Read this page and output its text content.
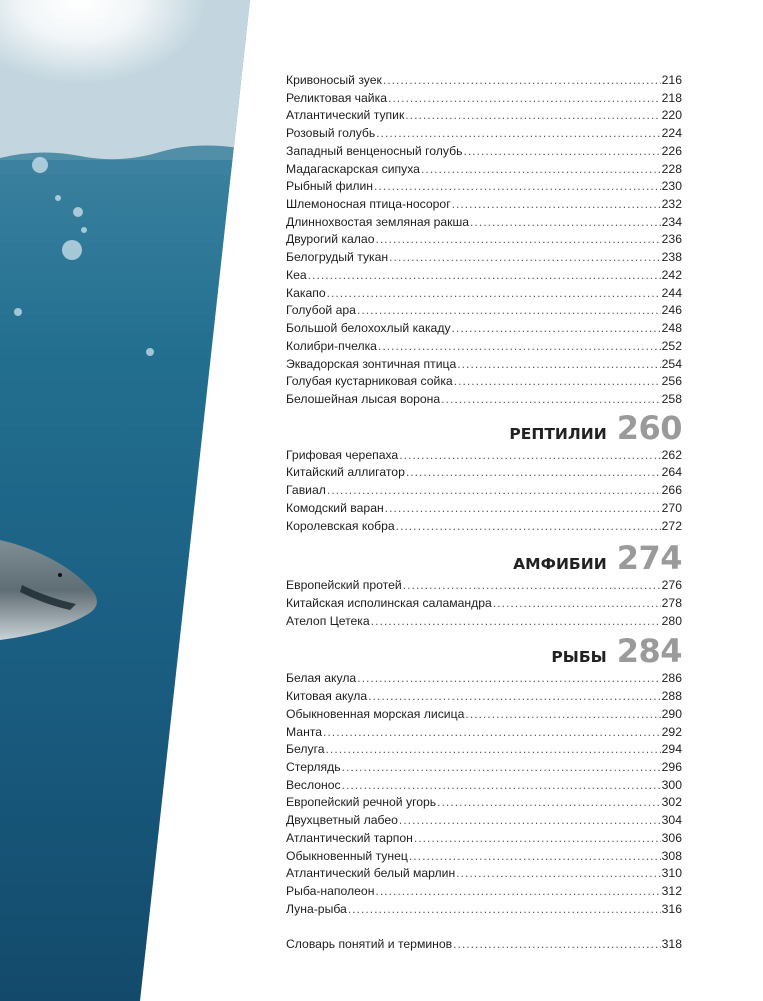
Кривоносый зуек .....	216
Реликтовая чайка .....	218
Атлантический тупик .....	220
Розовый голубь .....	224
Западный венценосный голубь .....	226
Мадагаскарская сипуха .....	228
Рыбный филин .....	230
Шлемоносная птица-носорог .....	232
Длиннохвостая земляная ракша .....	234
Двурогий калао .....	236
Белогрудый тукан .....	238
Кеа .....	242
Какапо .....	244
Голубой ара .....	246
Большой белохохлый какаду .....	248
Колибри-пчелка .....	252
Эквадорская зонтичная птица .....	254
Голубая кустарниковая сойка .....	256
Белошейная лысая ворона .....	258
РЕПТИЛИИ 260
Грифовая черепаха .....	262
Китайский аллигатор .....	264
Гавиал .....	266
Комодский варан .....	270
Королевская кобра .....	272
АМФИБИИ 274
Европейский протей .....	276
Китайская исполинская саламандра .....	278
Ателоп Цетека .....	280
РЫБЫ 284
Белая акула .....	286
Китовая акула .....	288
Обыкновенная морская лисица .....	290
Манта .....	292
Белуга .....	294
Стерлядь .....	296
Веслонос .....	300
Европейский речной угорь .....	302
Двухцветный лабео .....	304
Атлантический тарпон .....	306
Обыкновенный тунец .....	308
Атлантический белый марлин .....	310
Рыба-наполеон .....	312
Луна-рыба .....	316
Словарь понятий и терминов .....	318
